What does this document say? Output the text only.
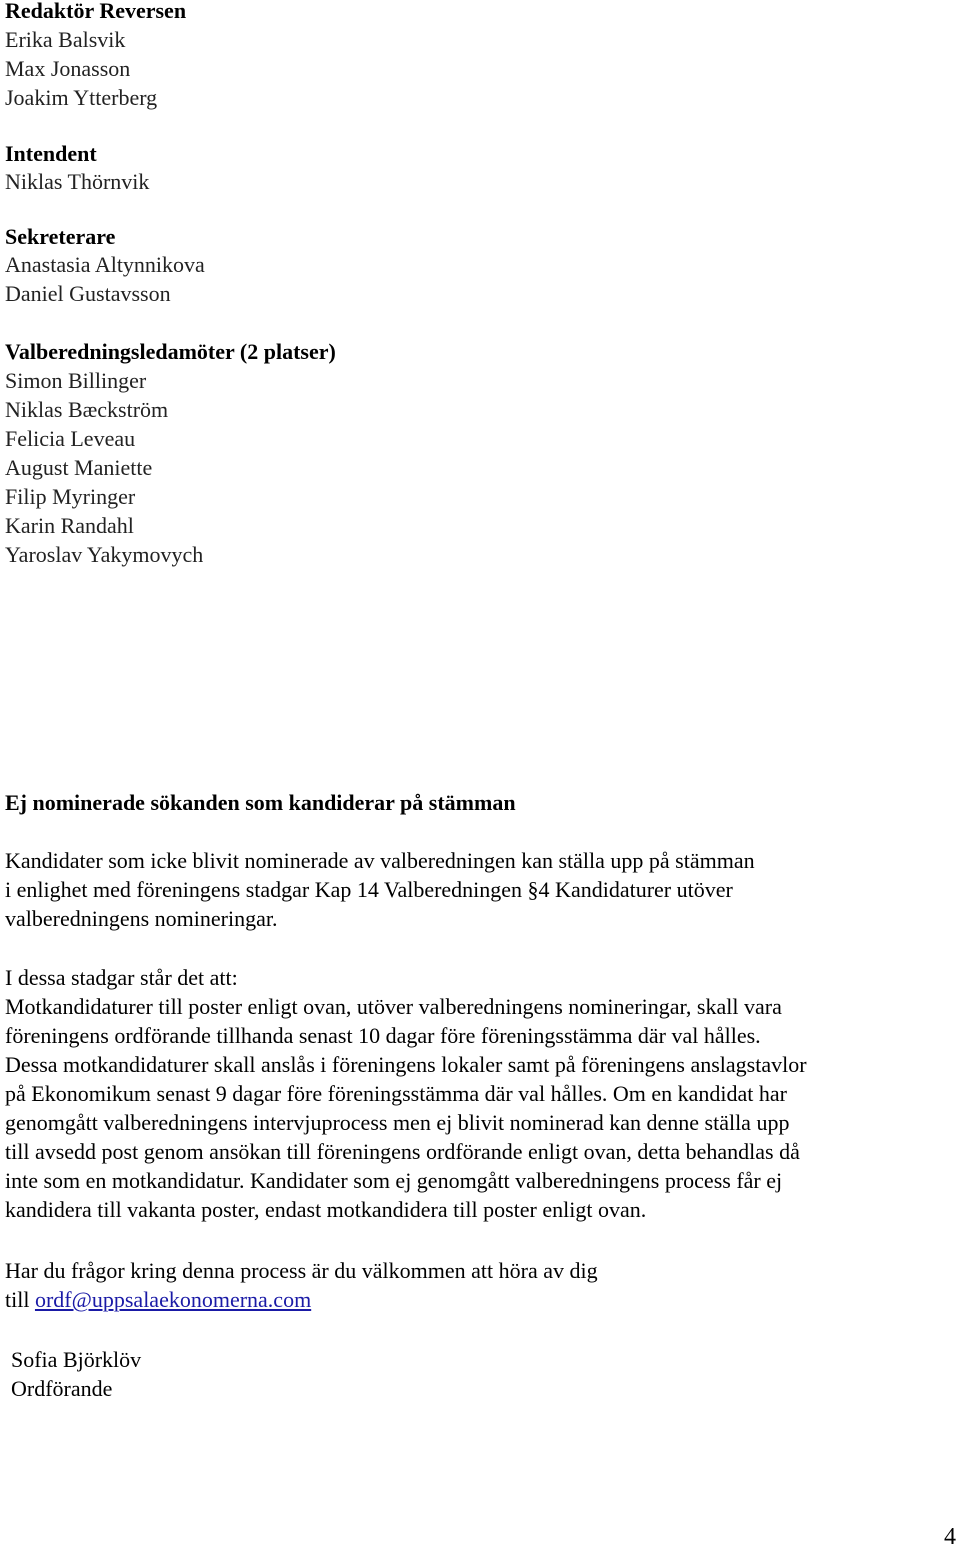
Redaktör Reversen
Erika Balsvik
Max Jonasson
Joakim Ytterberg
Intendent
Niklas Thörnvik
Sekreterare
Anastasia Altynnikova
Daniel Gustavsson
Valberedningsledamöter (2 platser)
Simon Billinger
Niklas Bæckström
Felicia Leveau
August Maniette
Filip Myringer
Karin Randahl
Yaroslav Yakymovych
Ej nominerade sökanden som kandiderar på stämman
Kandidater som icke blivit nominerade av valberedningen kan ställa upp på stämman
i enlighet med föreningens stadgar Kap 14 Valberedningen §4 Kandidaturer utöver
valberedningens nomineringar.
I dessa stadgar står det att:
Motkandidaturer till poster enligt ovan, utöver valberedningens nomineringar, skall vara
föreningens ordförande tillhanda senast 10 dagar före föreningsstämma där val hålles.
Dessa motkandidaturer skall anslås i föreningens lokaler samt på föreningens anslagstavlor
på Ekonomikum senast 9 dagar före föreningsstämma där val hålles. Om en kandidat har
genomgått valberedningens intervjuprocess men ej blivit nominerad kan denne ställa upp
till avsedd post genom ansökan till föreningens ordförande enligt ovan, detta behandlas då
inte som en motkandidatur. Kandidater som ej genomgått valberedningens process får ej
kandidera till vakanta poster, endast motkandidera till poster enligt ovan.
Har du frågor kring denna process är du välkommen att höra av dig
till ordf@uppsalaekonomerna.com
Sofia Björklöv
Ordförande
4
